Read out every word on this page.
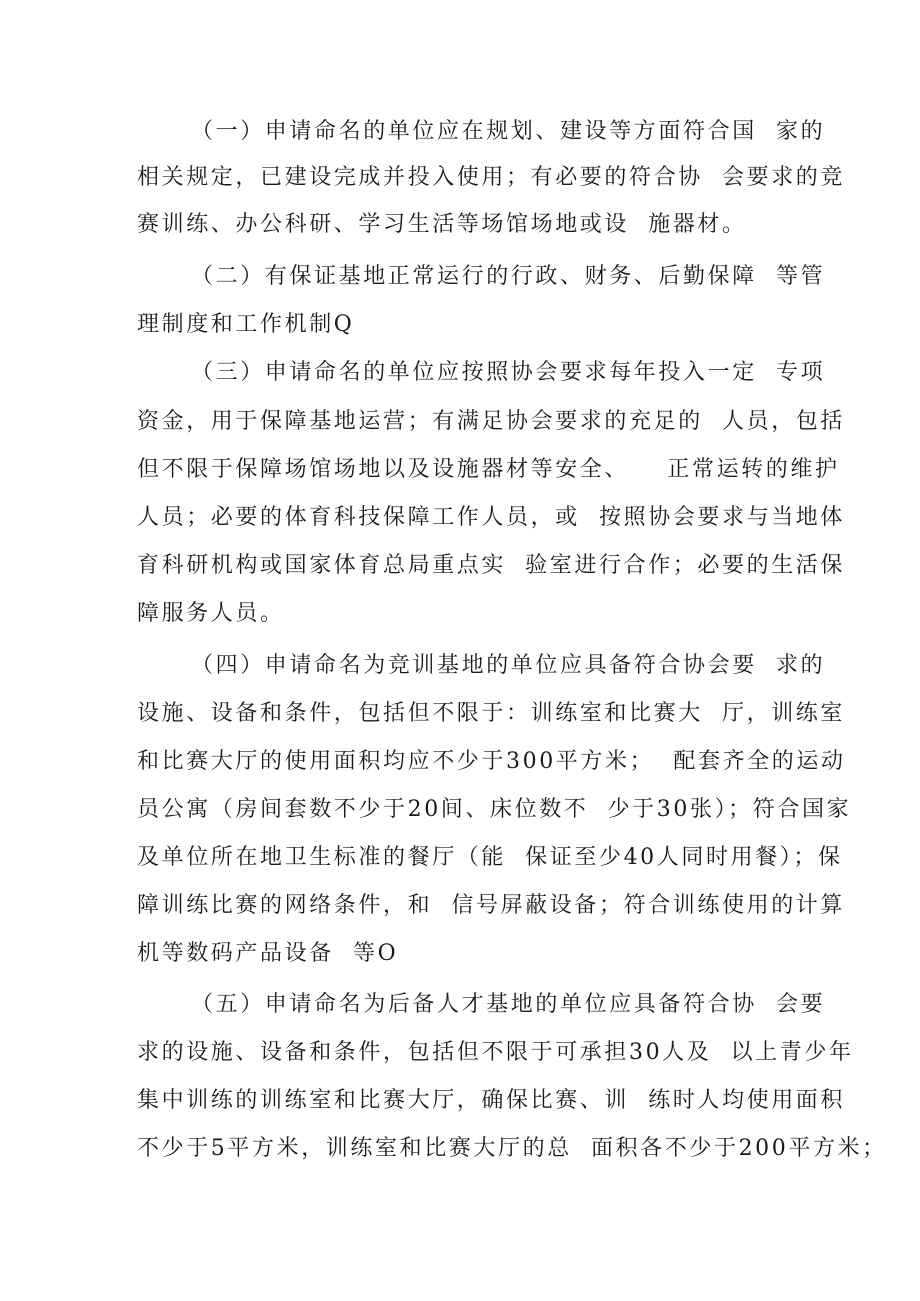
（一）申请命名的单位应在规划、建设等方面符合国  家的
相关规定，已建设完成并投入使用；有必要的符合协  会要求的竞
赛训练、办公科研、学习生活等场馆场地或设  施器材。
（二）有保证基地正常运行的行政、财务、后勤保障  等管
理制度和工作机制Q
（三）申请命名的单位应按照协会要求每年投入一定  专项
资金，用于保障基地运营；有满足协会要求的充足的  人员，包括
但不限于保障场馆场地以及设施器材等安全、    正常运转的维护
人员；必要的体育科技保障工作人员，或  按照协会要求与当地体
育科研机构或国家体育总局重点实  验室进行合作；必要的生活保
障服务人员。
（四）申请命名为竞训基地的单位应具备符合协会要  求的
设施、设备和条件，包括但不限于：训练室和比赛大  厅，训练室
和比赛大厅的使用面积均应不少于300平方米；  配套齐全的运动
员公寓（房间套数不少于20间、床位数不  少于30张）；符合国家
及单位所在地卫生标准的餐厅（能  保证至少40人同时用餐）；保
障训练比赛的网络条件，和  信号屏蔽设备；符合训练使用的计算
机等数码产品设备  等O
（五）申请命名为后备人才基地的单位应具备符合协  会要
求的设施、设备和条件，包括但不限于可承担30人及  以上青少年
集中训练的训练室和比赛大厅，确保比赛、训  练时人均使用面积
不少于5平方米，训练室和比赛大厅的总  面积各不少于200平方米；
